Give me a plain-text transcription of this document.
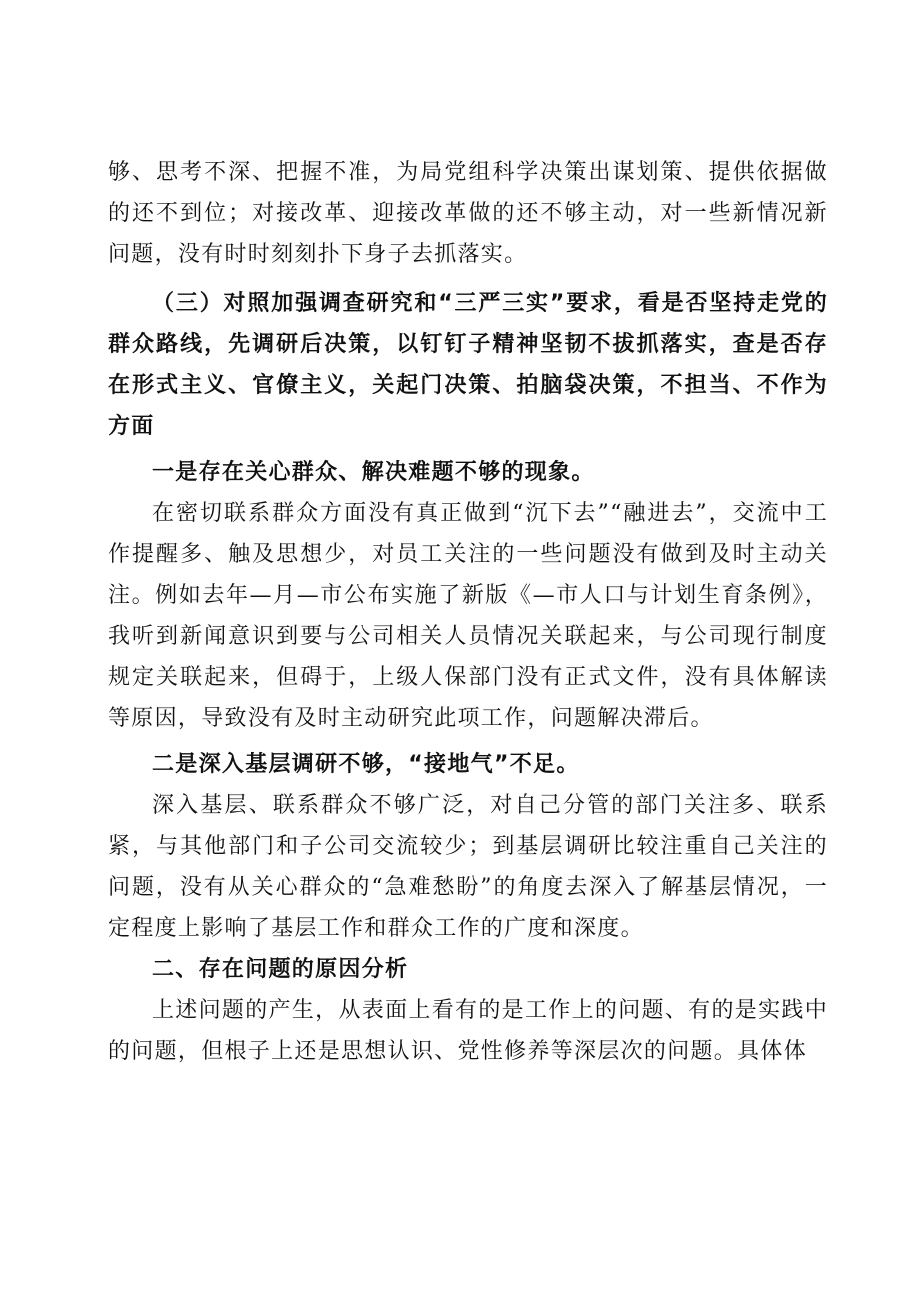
够、思考不深、把握不准，为局党组科学决策出谋划策、提供依据做的还不到位；对接改革、迎接改革做的还不够主动，对一些新情况新问题，没有时时刻刻扑下身子去抓落实。

（三）对照加强调查研究和“三严三实”要求，看是否坚持走党的群众路线，先调研后决策，以钉钉子精神坚韧不拔抓落实，查是否存在形式主义、官僚主义，关起门决策、拍脑袋决策，不担当、不作为方面

一是存在关心群众、解决难题不够的现象。

在密切联系群众方面没有真正做到“沉下去”“融进去”，交流中工作提醒多、触及思想少，对员工关注的一些问题没有做到及时主动关注。例如去年—月—市公布实施了新版《—市人口与计划生育条例》，我听到新闻意识到要与公司相关人员情况关联起来，与公司现行制度规定关联起来，但碍于，上级人保部门没有正式文件，没有具体解读等原因，导致没有及时主动研究此项工作，问题解决滞后。

二是深入基层调研不够，“接地气”不足。

深入基层、联系群众不够广泛，对自己分管的部门关注多、联系紧，与其他部门和子公司交流较少；到基层调研比较注重自己关注的问题，没有从关心群众的“急难愁盼”的角度去深入了解基层情况，一定程度上影响了基层工作和群众工作的广度和深度。

二、存在问题的原因分析

上述问题的产生，从表面上看有的是工作上的问题、有的是实践中的问题，但根子上还是思想认识、党性修养等深层次的问题。具体体
